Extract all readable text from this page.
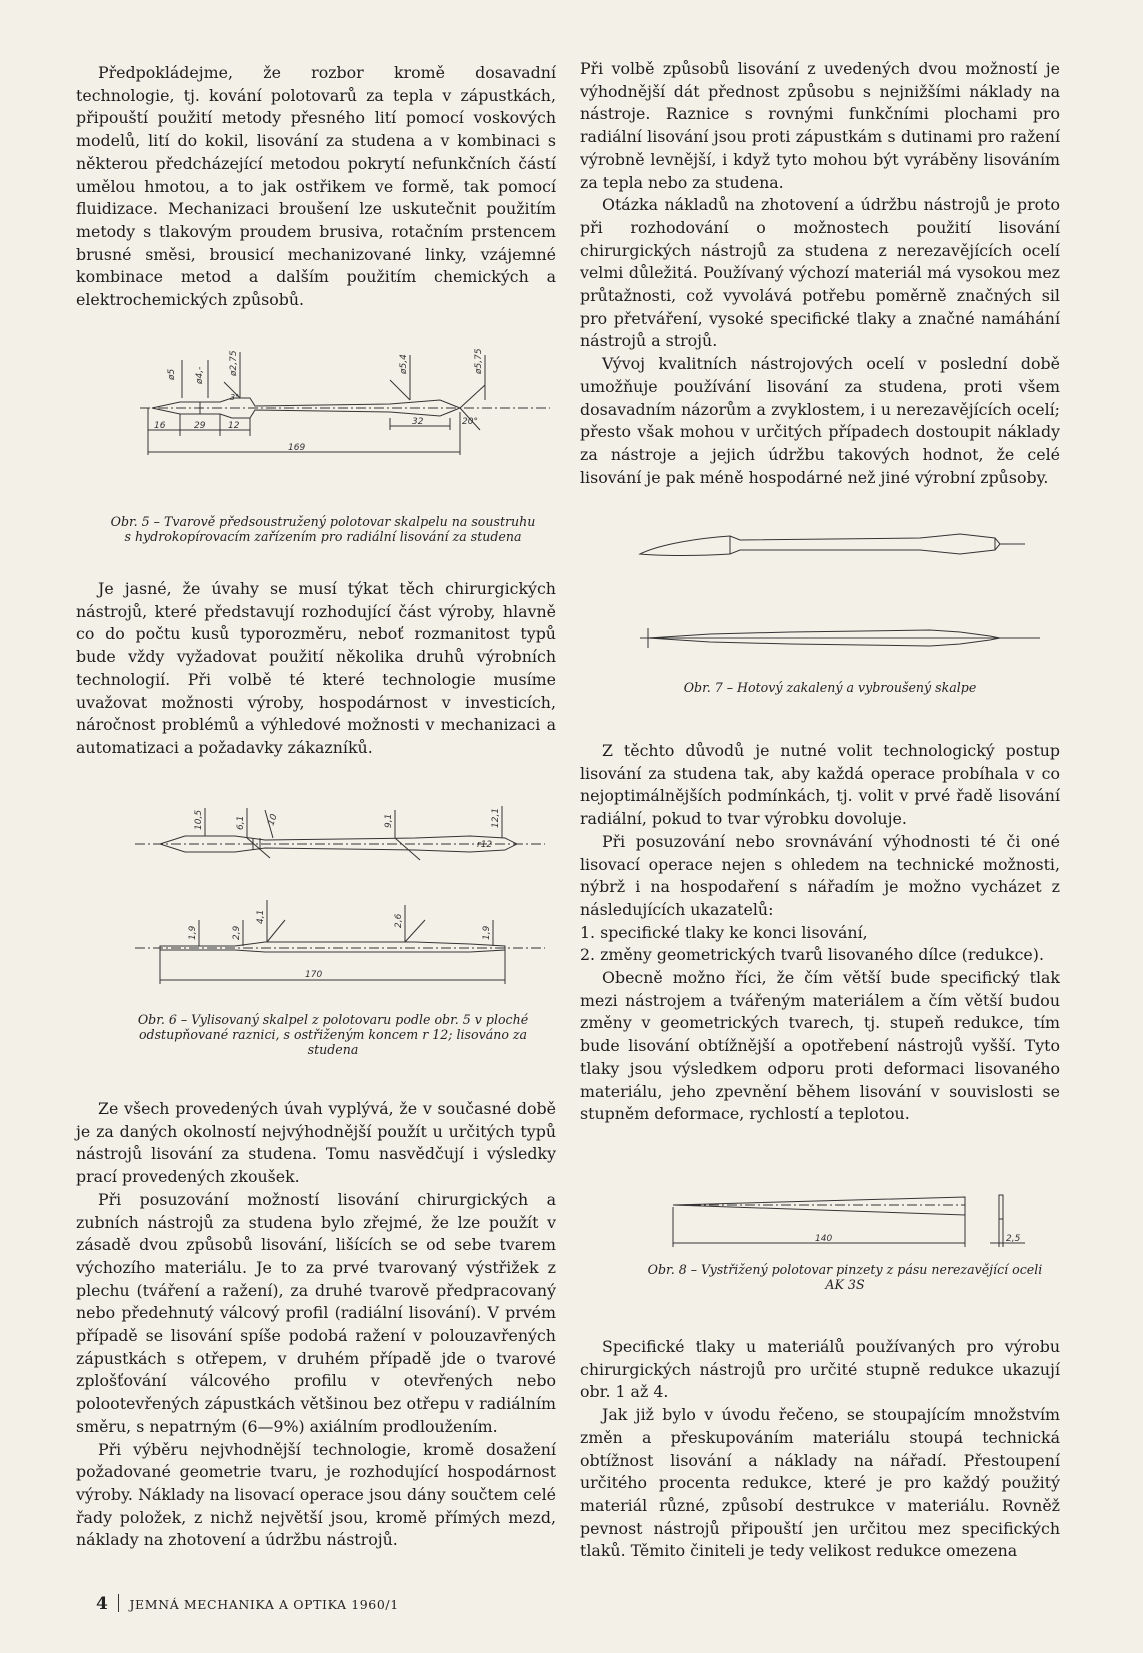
Předpokládejme, že rozbor kromě dosavadní technologie, tj. kování polotovarů za tepla v zápustkách, připouští použití metody přesného lití pomocí voskových modelů, lití do kokil, lisování za studena a v kombinaci s některou předcházející metodou pokrytí nefunkčních částí umělou hmotou, a to jak ostřikem ve formě, tak pomocí fluidizace. Mechanizaci broušení lze uskutečnit použitím metody s tlakovým proudem brusiva, rotačním prstencem brusné směsi, brousicí mechanizované linky, vzájemné kombinace metod a dalším použitím chemických a elektrochemických způsobů.

ø5 ø4,-	ø2,75	ø5,4	ø5,75
16	29	12	32
169
20°
3°
Obr. 5 – Tvarově předsoustružený polotovar skalpelu na soustruhu
s hydrokopírovacím zařízením pro radiální lisování za studena

Je jasné, že úvahy se musí týkat těch chirurgických nástrojů, které představují rozhodující část výroby, hlavně co do počtu kusů typorozměru, neboť rozmanitost typů bude vždy vyžadovat použití několika druhů výrobních technologií. Při volbě té které technologie musíme uvažovat možnosti výroby, hospodárnost v investicích, náročnost problémů a výhledové možnosti v mechanizaci a automatizaci a požadavky zákazníků.

10,5	6,1 10	9,1	12,1
r12
1,9	2,9
4,1	2,6
1,9
170
Obr. 6 – Vylisovaný skalpel z polotovaru podle obr. 5 v ploché
odstupňované raznici, s ostřiženým koncem r 12; lisováno za
studena

Ze všech provedených úvah vyplývá, že v současné době je za daných okolností nejvýhodnější použít u určitých typů nástrojů lisování za studena. Tomu nasvědčují i výsledky prací provedených zkoušek.

Při posuzování možností lisování chirurgických a zubních nástrojů za studena bylo zřejmé, že lze použít v zásadě dvou způsobů lisování, lišících se od sebe tvarem výchozího materiálu. Je to za prvé tvarovaný výstřižek z plechu (tváření a ražení), za druhé tvarově předpracovaný nebo předehnutý válcový profil (radiální lisování). V prvém případě se lisování spíše podobá ražení v polouzavřených zápustkách s otřepem, v druhém případě jde o tvarové zplošťování válcového profilu v otevřených nebo polootevřených zápustkách většinou bez otřepu v radiálním směru, s nepatrným (6—9%) axiálním prodloužením.

Při výběru nejvhodnější technologie, kromě dosažení požadované geometrie tvaru, je rozhodující hospodárnost výroby. Náklady na lisovací operace jsou dány součtem celé řady položek, z nichž největší jsou, kromě přímých mezd, náklady na zhotovení a údržbu nástrojů.

Při volbě způsobů lisování z uvedených dvou možností je výhodnější dát přednost způsobu s nejnižšími náklady na nástroje. Raznice s rovnými funkčními plochami pro radiální lisování jsou proti zápustkám s dutinami pro ražení výrobně levnější, i když tyto mohou být vyráběny lisováním za tepla nebo za studena.

Otázka nákladů na zhotovení a údržbu nástrojů je proto při rozhodování o možnostech použití lisování chirurgických nástrojů za studena z nerezavějících ocelí velmi důležitá. Používaný výchozí materiál má vysokou mez průtažnosti, což vyvolává potřebu poměrně značných sil pro přetváření, vysoké specifické tlaky a značné namáhání nástrojů a strojů.

Vývoj kvalitních nástrojových ocelí v poslední době umožňuje používání lisování za studena, proti všem dosavadním názorům a zvyklostem, i u nerezavějících ocelí; přesto však mohou v určitých případech dostoupit náklady za nástroje a jejich údržbu takových hodnot, že celé lisování je pak méně hospodárné než jiné výrobní způsoby.

Obr. 7 – Hotový zakalený a vybroušený skalpe

Z těchto důvodů je nutné volit technologický postup lisování za studena tak, aby každá operace probíhala v co nejoptimálnějších podmínkách, tj. volit v prvé řadě lisování radiální, pokud to tvar výrobku dovoluje.

Při posuzování nebo srovnávání výhodnosti té či oné lisovací operace nejen s ohledem na technické možnosti, nýbrž i na hospodaření s nářadím je možno vycházet z následujících ukazatelů:

1. specifické tlaky ke konci lisování,

2. změny geometrických tvarů lisovaného dílce (redukce).

Obecně možno říci, že čím větší bude specifický tlak mezi nástrojem a tvářeným materiálem a čím větší budou změny v geometrických tvarech, tj. stupeň redukce, tím bude lisování obtížnější a opotřebení nástrojů vyšší. Tyto tlaky jsou výsledkem odporu proti deformaci lisovaného materiálu, jeho zpevnění během lisování v souvislosti se stupněm deformace, rychlostí a teplotou.

140	2,5
Obr. 8 – Vystřižený polotovar pinzety z pásu nerezavějící oceli
AK 3S

Specifické tlaky u materiálů používaných pro výrobu chirurgických nástrojů pro určité stupně redukce ukazují obr. 1 až 4.

Jak již bylo v úvodu řečeno, se stoupajícím množstvím změn a přeskupováním materiálu stoupá technická obtížnost lisování a náklady na nářadí. Přestoupení určitého procenta redukce, které je pro každý použitý materiál různé, způsobí destrukce v materiálu. Rovněž pevnost nástrojů připouští jen určitou mez specifických tlaků. Těmito činiteli je tedy velikost redukce omezena

4 JEMNÁ MECHANIKA A OPTIKA 1960/1
